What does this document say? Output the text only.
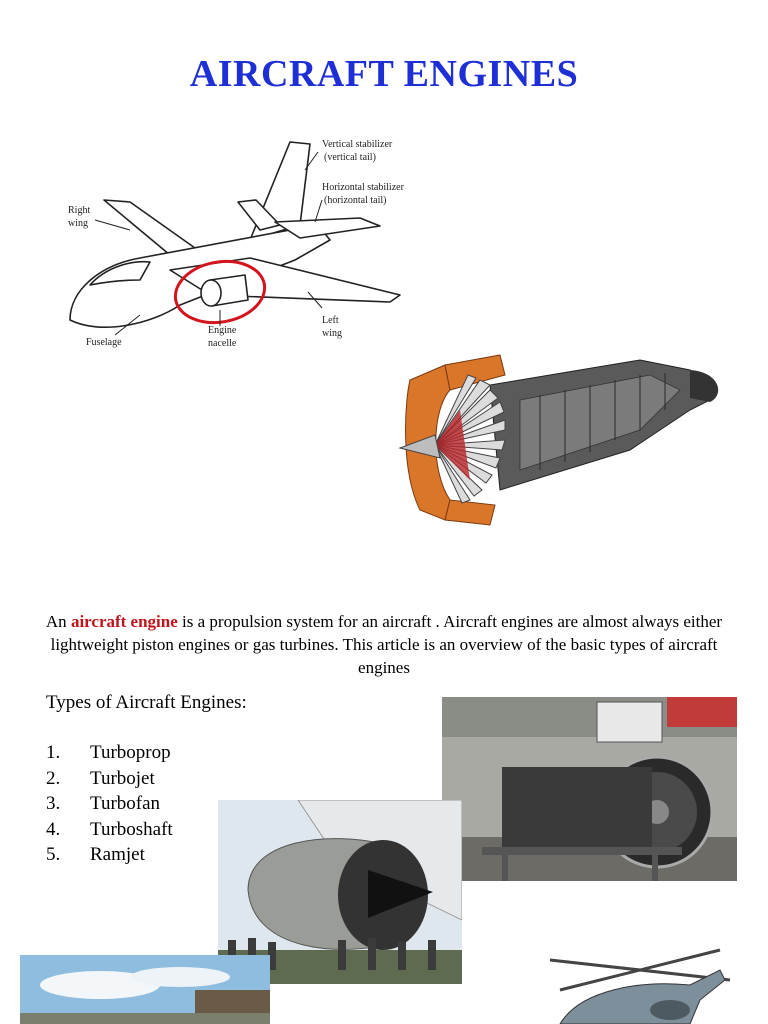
AIRCRAFT ENGINES
Vertical stabilizer
(vertical tail)
Horizontal stabilizer
(horizontal tail)
Right
wing
Left
wing
Fuselage
Engine
nacelle
An aircraft engine is a propulsion system for an aircraft . Aircraft engines are almost always either lightweight piston engines or gas turbines. This article is an overview of the basic types of aircraft engines
Types of Aircraft Engines:
1.	Turboprop
2.	Turbojet
3.	Turbofan
4.	Turboshaft
5.	Ramjet
